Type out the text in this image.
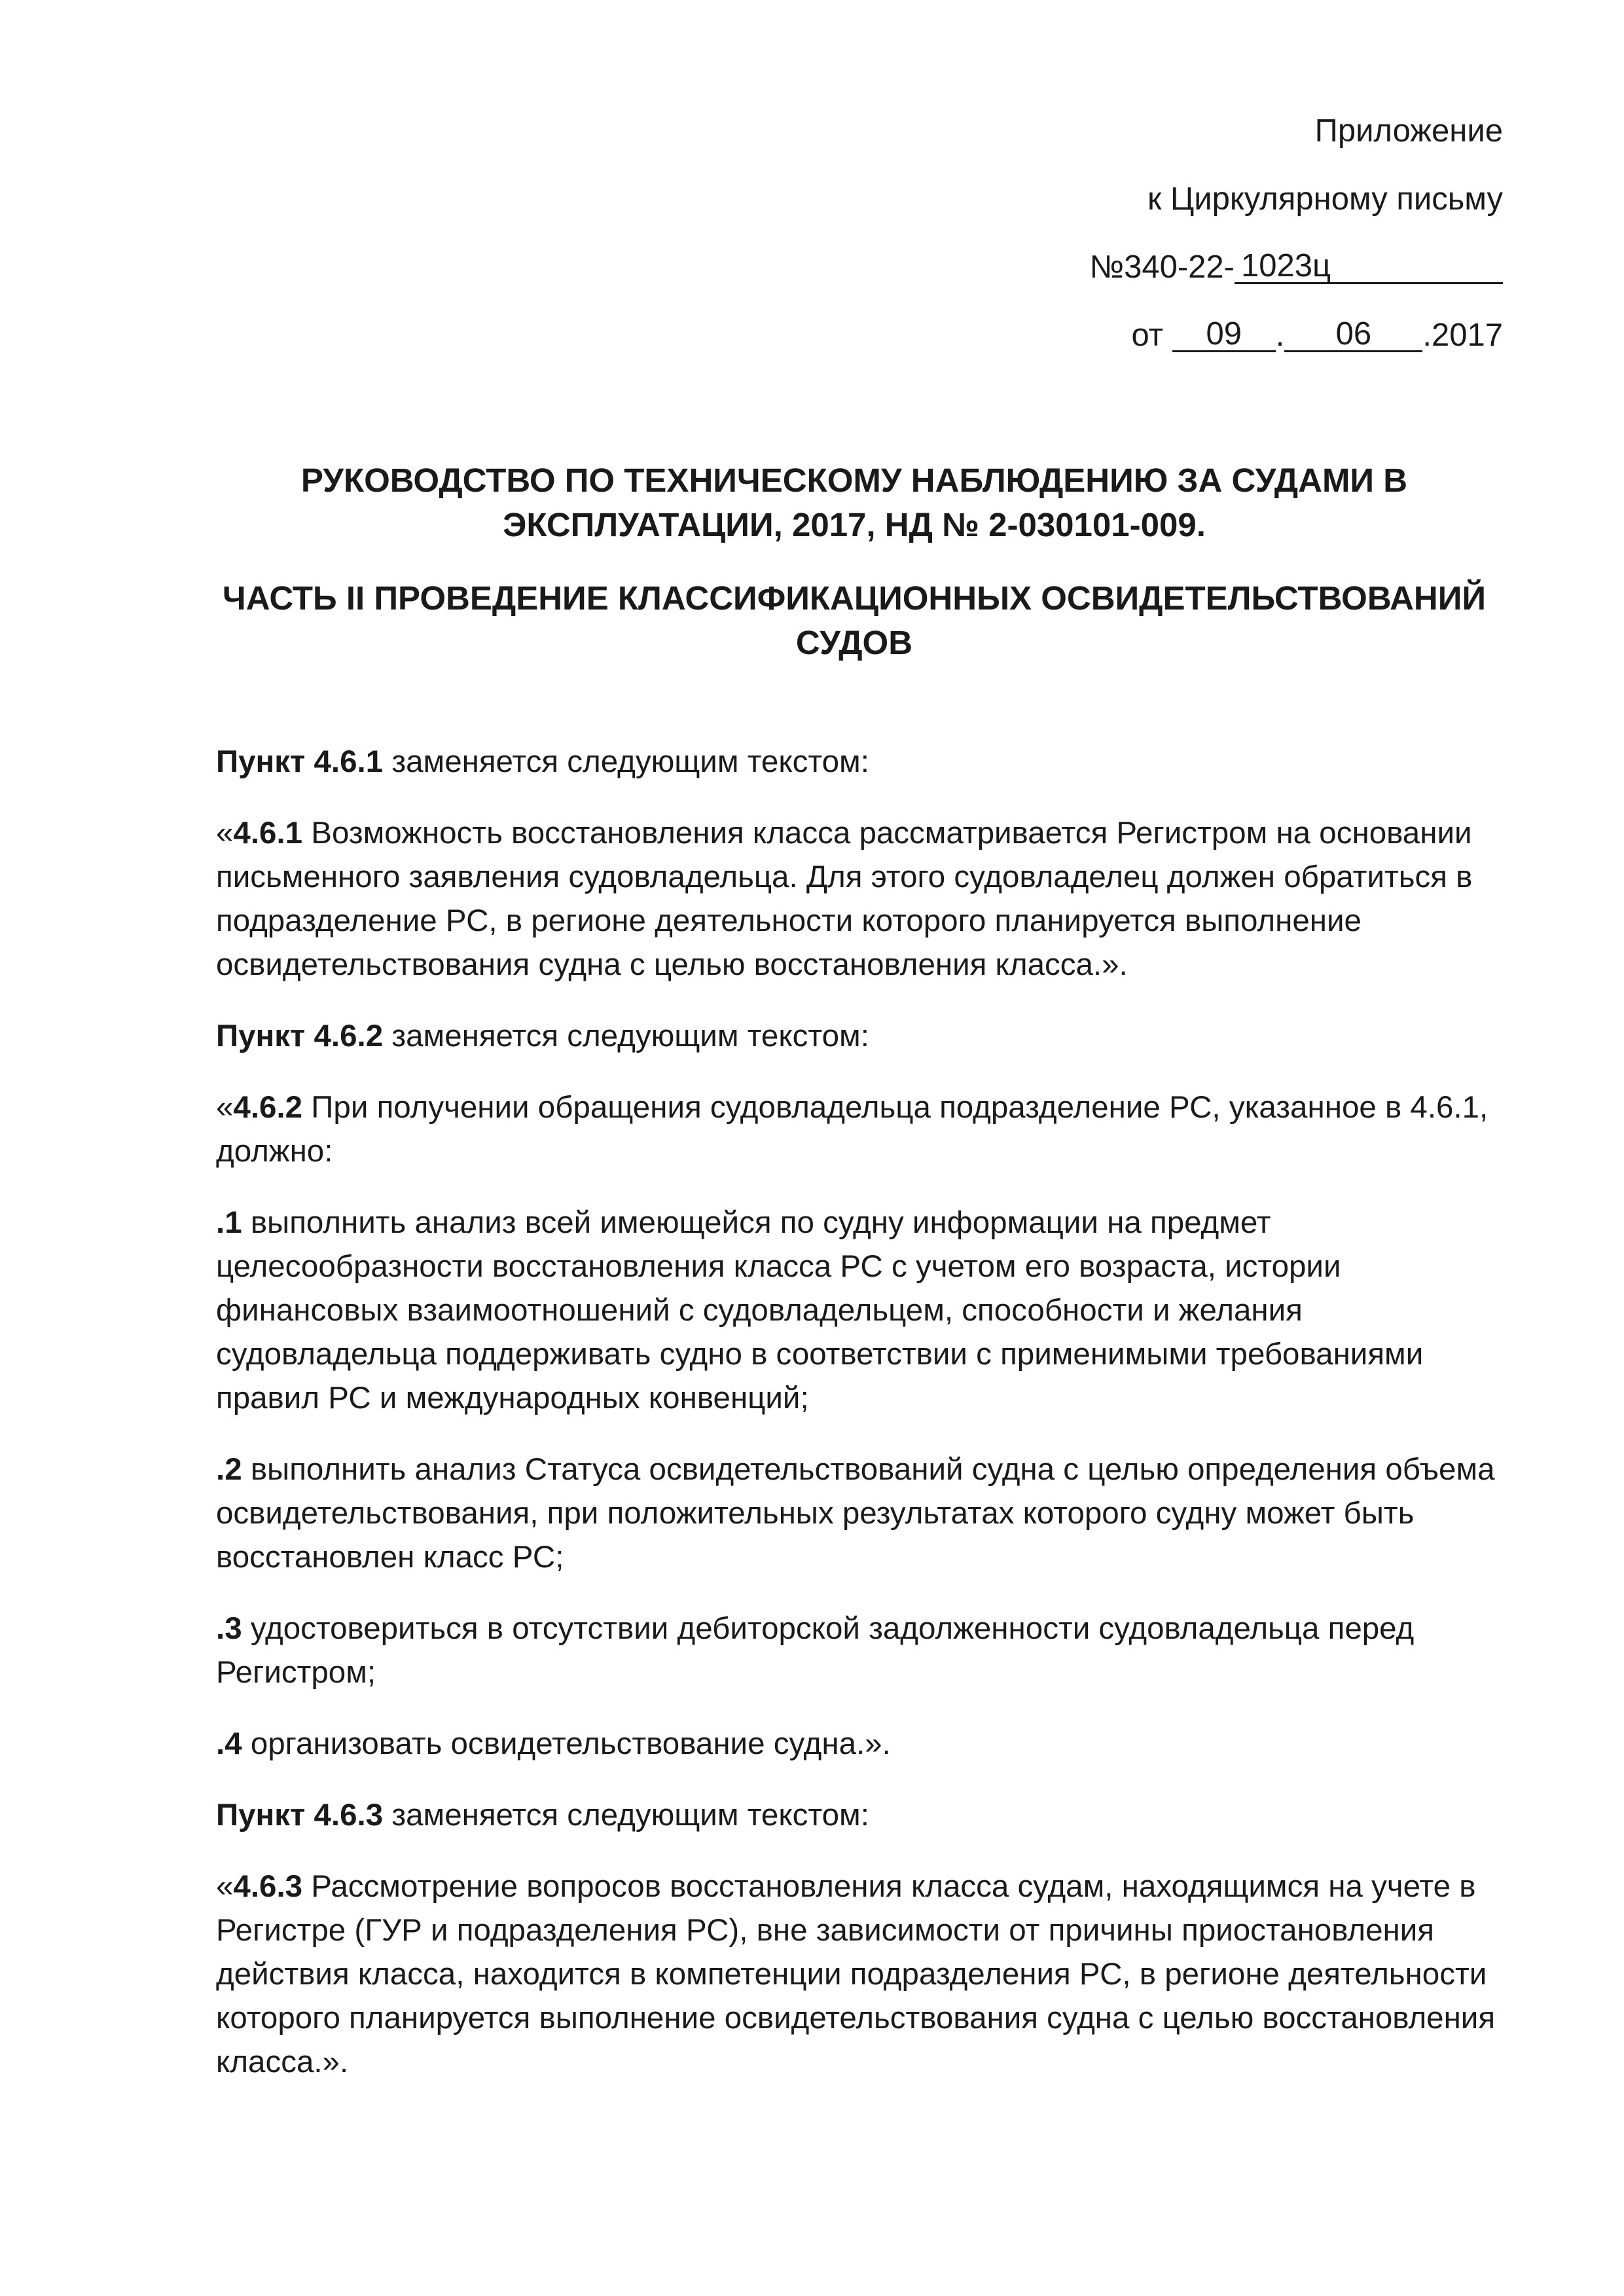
Приложение
к Циркулярному письму
№340-22- 1023ц
от 09 . 06 .2017
РУКОВОДСТВО ПО ТЕХНИЧЕСКОМУ НАБЛЮДЕНИЮ ЗА СУДАМИ В
ЭКСПЛУАТАЦИИ, 2017, НД № 2-030101-009.
ЧАСТЬ II ПРОВЕДЕНИЕ КЛАССИФИКАЦИОННЫХ ОСВИДЕТЕЛЬСТВОВАНИЙ
СУДОВ

Пункт 4.6.1 заменяется следующим текстом:

«4.6.1 Возможность восстановления класса рассматривается Регистром на основании письменного заявления судовладельца. Для этого судовладелец должен обратиться в подразделение РС, в регионе деятельности которого планируется выполнение освидетельствования судна с целью восстановления класса.».

Пункт 4.6.2 заменяется следующим текстом:

«4.6.2 При получении обращения судовладельца подразделение РС, указанное в 4.6.1, должно:

.1 выполнить анализ всей имеющейся по судну информации на предмет целесообразности восстановления класса РС с учетом его возраста, истории финансовых взаимоотношений с судовладельцем, способности и желания судовладельца поддерживать судно в соответствии с применимыми требованиями правил РС и международных конвенций;

.2 выполнить анализ Статуса освидетельствований судна с целью определения объема освидетельствования, при положительных результатах которого судну может быть восстановлен класс РС;

.3 удостовериться в отсутствии дебиторской задолженности судовладельца перед Регистром;

.4 организовать освидетельствование судна.».

Пункт 4.6.3 заменяется следующим текстом:

«4.6.3 Рассмотрение вопросов восстановления класса судам, находящимся на учете в Регистре (ГУР и подразделения РС), вне зависимости от причины приостановления действия класса, находится в компетенции подразделения РС, в регионе деятельности которого планируется выполнение освидетельствования судна с целью восстановления класса.».
